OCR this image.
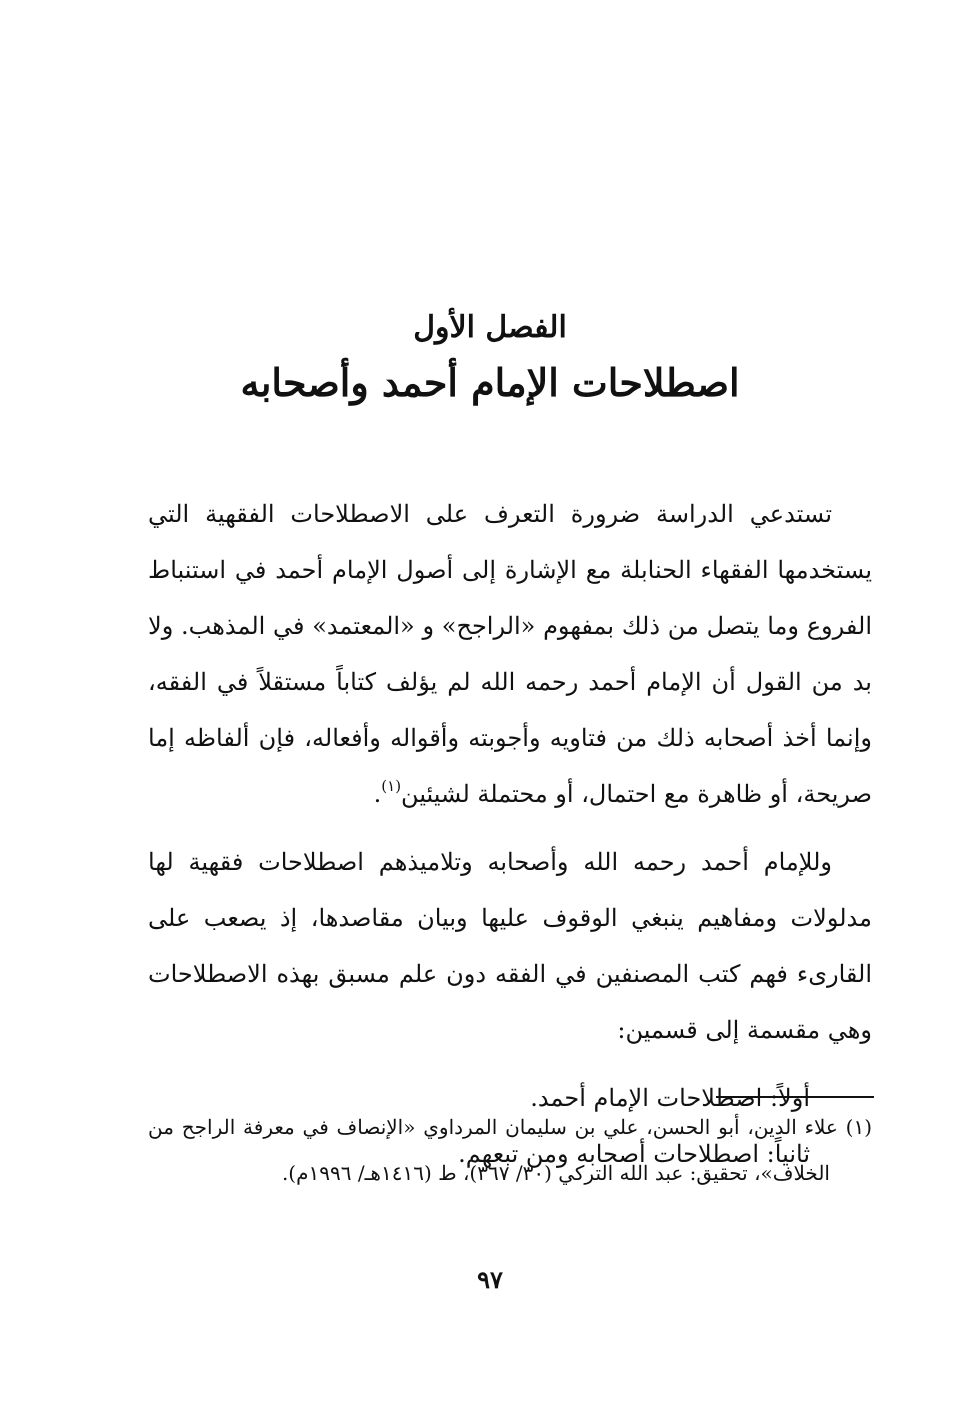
الفصل الأول
اصطلاحات الإمام أحمد وأصحابه

تستدعي الدراسة ضرورة التعرف على الاصطلاحات الفقهية التي يستخدمها الفقهاء الحنابلة مع الإشارة إلى أصول الإمام أحمد في استنباط الفروع وما يتصل من ذلك بمفهوم «الراجح» و «المعتمد» في المذهب. ولا بد من القول أن الإمام أحمد رحمه الله لم يؤلف كتاباً مستقلاً في الفقه، وإنما أخذ أصحابه ذلك من فتاويه وأجوبته وأقواله وأفعاله، فإن ألفاظه إما صريحة، أو ظاهرة مع احتمال، أو محتملة لشيئين$^{(١)}$.

وللإمام أحمد رحمه الله وأصحابه وتلاميذهم اصطلاحات فقهية لها مدلولات ومفاهيم ينبغي الوقوف عليها وبيان مقاصدها، إذ يصعب على القارىء فهم كتب المصنفين في الفقه دون علم مسبق بهذه الاصطلاحات وهي مقسمة إلى قسمين:

أولاً: اصطلاحات الإمام أحمد.
ثانياً: اصطلاحات أصحابه ومن تبعهم.

(١) علاء الدين، أبو الحسن، علي بن سليمان المرداوي «الإنصاف في معرفة الراجح من الخلاف»، تحقيق: عبد الله التركي (٣٠/ ٣٦٧)، ط (١٤١٦هـ/ ١٩٩٦م).

٩٧
